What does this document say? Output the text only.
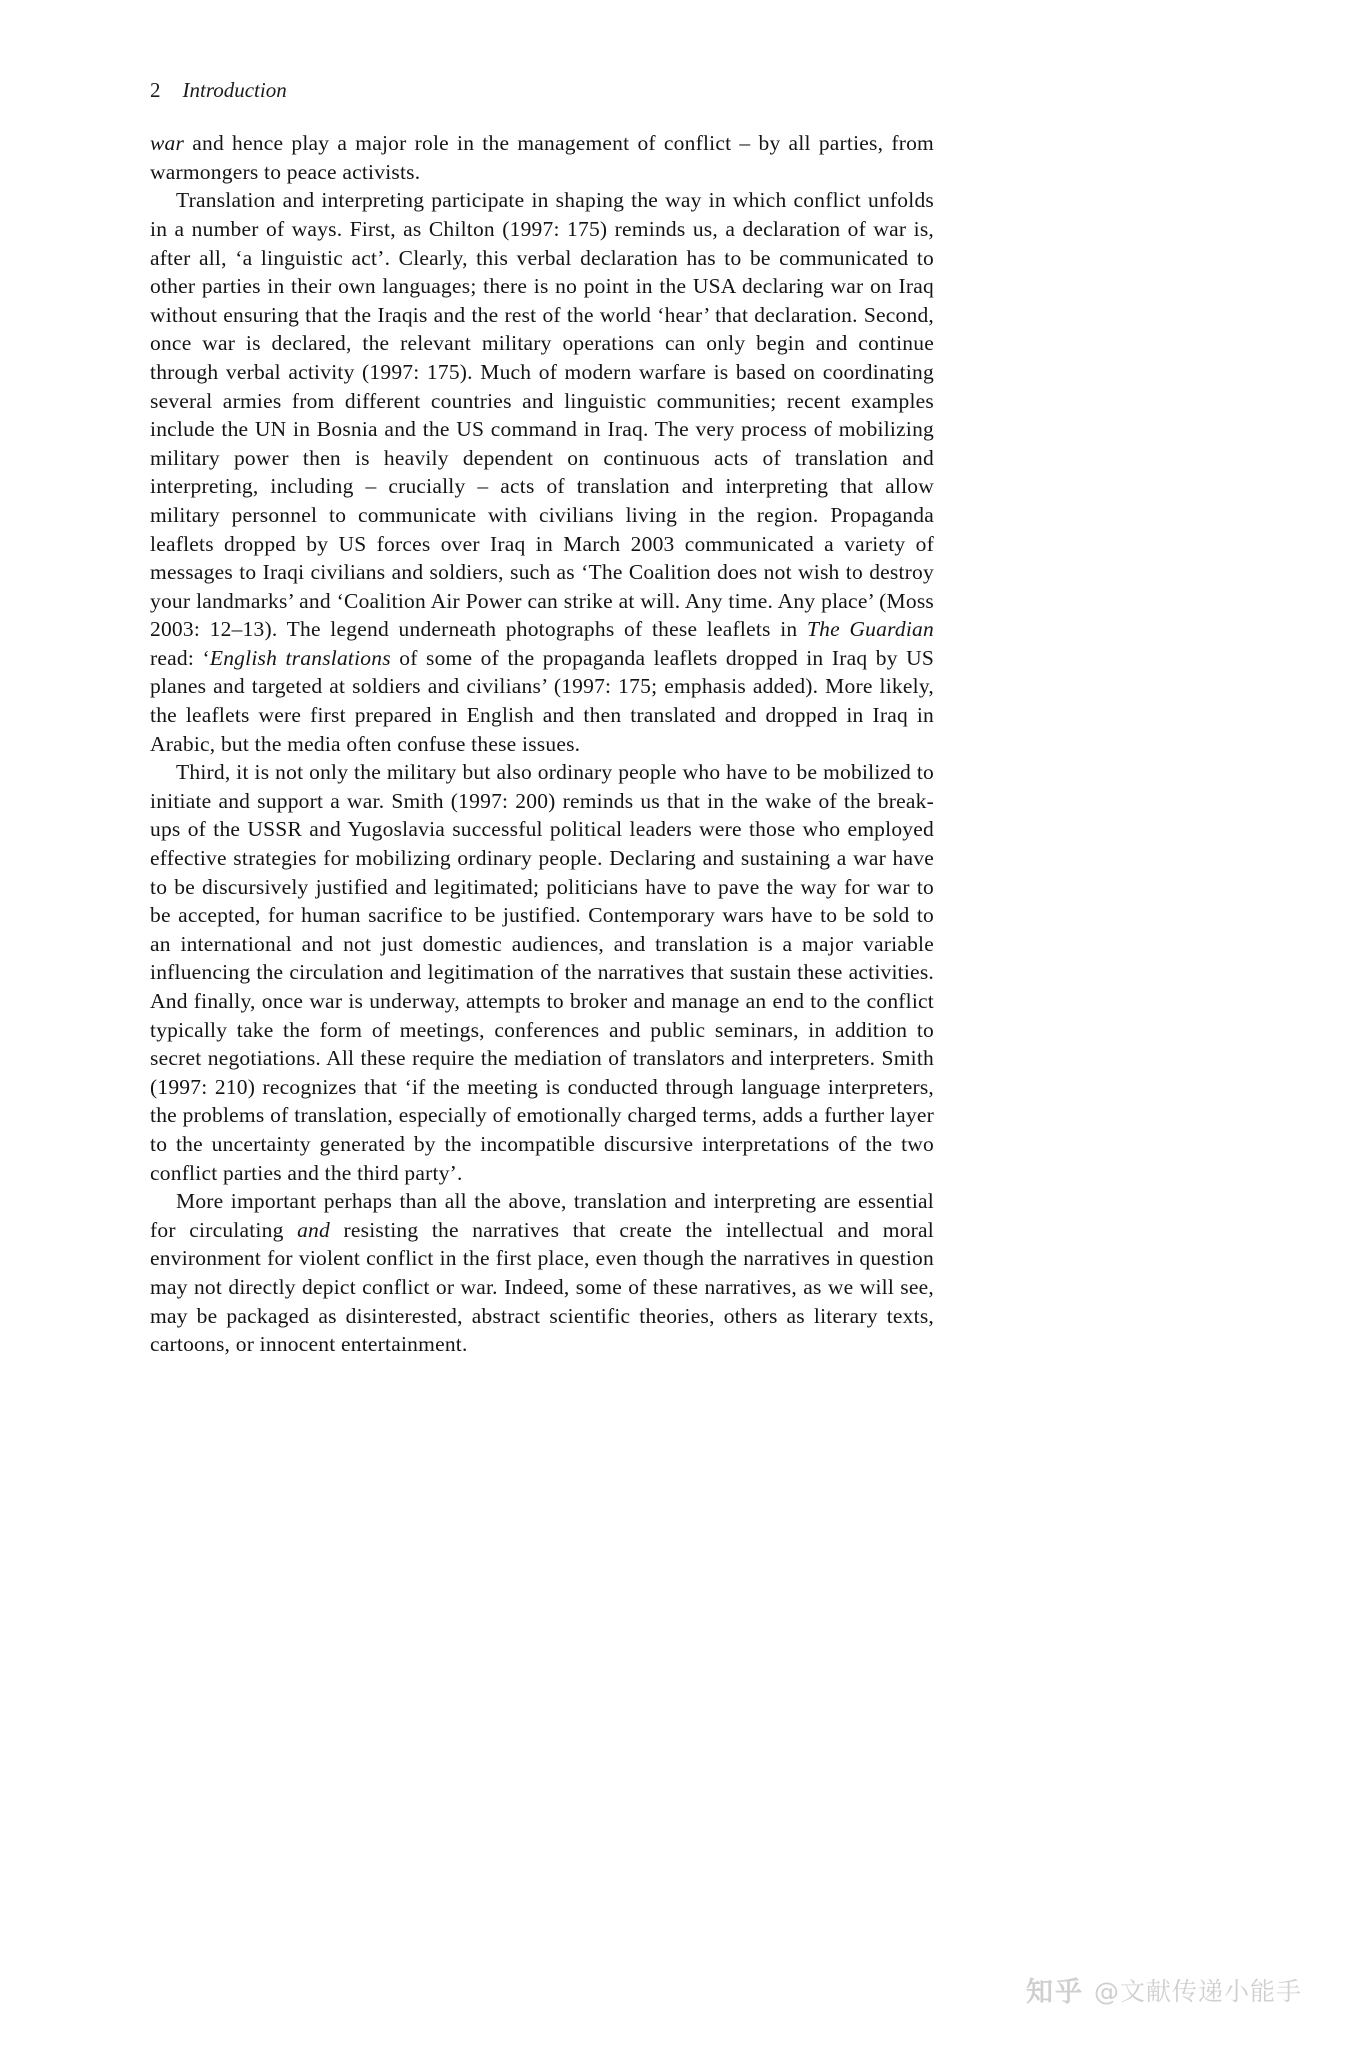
2 Introduction

war and hence play a major role in the management of conflict – by all parties, from warmongers to peace activists.

Translation and interpreting participate in shaping the way in which conflict unfolds in a number of ways. First, as Chilton (1997: 175) reminds us, a declaration of war is, after all, ‘a linguistic act’. Clearly, this verbal declaration has to be communicated to other parties in their own languages; there is no point in the USA declaring war on Iraq without ensuring that the Iraqis and the rest of the world ‘hear’ that declaration. Second, once war is declared, the relevant military operations can only begin and continue through verbal activity (1997: 175). Much of modern warfare is based on coordinating several armies from different countries and linguistic communities; recent examples include the UN in Bosnia and the US command in Iraq. The very process of mobilizing military power then is heavily dependent on continuous acts of translation and interpreting, including – crucially – acts of translation and interpreting that allow military personnel to communicate with civilians living in the region. Propaganda leaflets dropped by US forces over Iraq in March 2003 communicated a variety of messages to Iraqi civilians and soldiers, such as ‘The Coalition does not wish to destroy your landmarks’ and ‘Coalition Air Power can strike at will. Any time. Any place’ (Moss 2003: 12–13). The legend underneath photographs of these leaflets in The Guardian read: ‘English translations of some of the propaganda leaflets dropped in Iraq by US planes and targeted at soldiers and civilians’ (1997: 175; emphasis added). More likely, the leaflets were first prepared in English and then translated and dropped in Iraq in Arabic, but the media often confuse these issues.

Third, it is not only the military but also ordinary people who have to be mobilized to initiate and support a war. Smith (1997: 200) reminds us that in the wake of the break-ups of the USSR and Yugoslavia successful political leaders were those who employed effective strategies for mobilizing ordinary people. Declaring and sustaining a war have to be discursively justified and legitimated; politicians have to pave the way for war to be accepted, for human sacrifice to be justified. Contemporary wars have to be sold to an international and not just domestic audiences, and translation is a major variable influencing the circulation and legitimation of the narratives that sustain these activities. And finally, once war is underway, attempts to broker and manage an end to the conflict typically take the form of meetings, conferences and public seminars, in addition to secret negotiations. All these require the mediation of translators and interpreters. Smith (1997: 210) recognizes that ‘if the meeting is conducted through language interpreters, the problems of translation, especially of emotionally charged terms, adds a further layer to the uncertainty generated by the incompatible discursive interpretations of the two conflict parties and the third party’.

More important perhaps than all the above, translation and interpreting are essential for circulating and resisting the narratives that create the intellectual and moral environment for violent conflict in the first place, even though the narratives in question may not directly depict conflict or war. Indeed, some of these narratives, as we will see, may be packaged as disinterested, abstract scientific theories, others as literary texts, cartoons, or innocent entertainment.

知乎 @文献传递小能手
